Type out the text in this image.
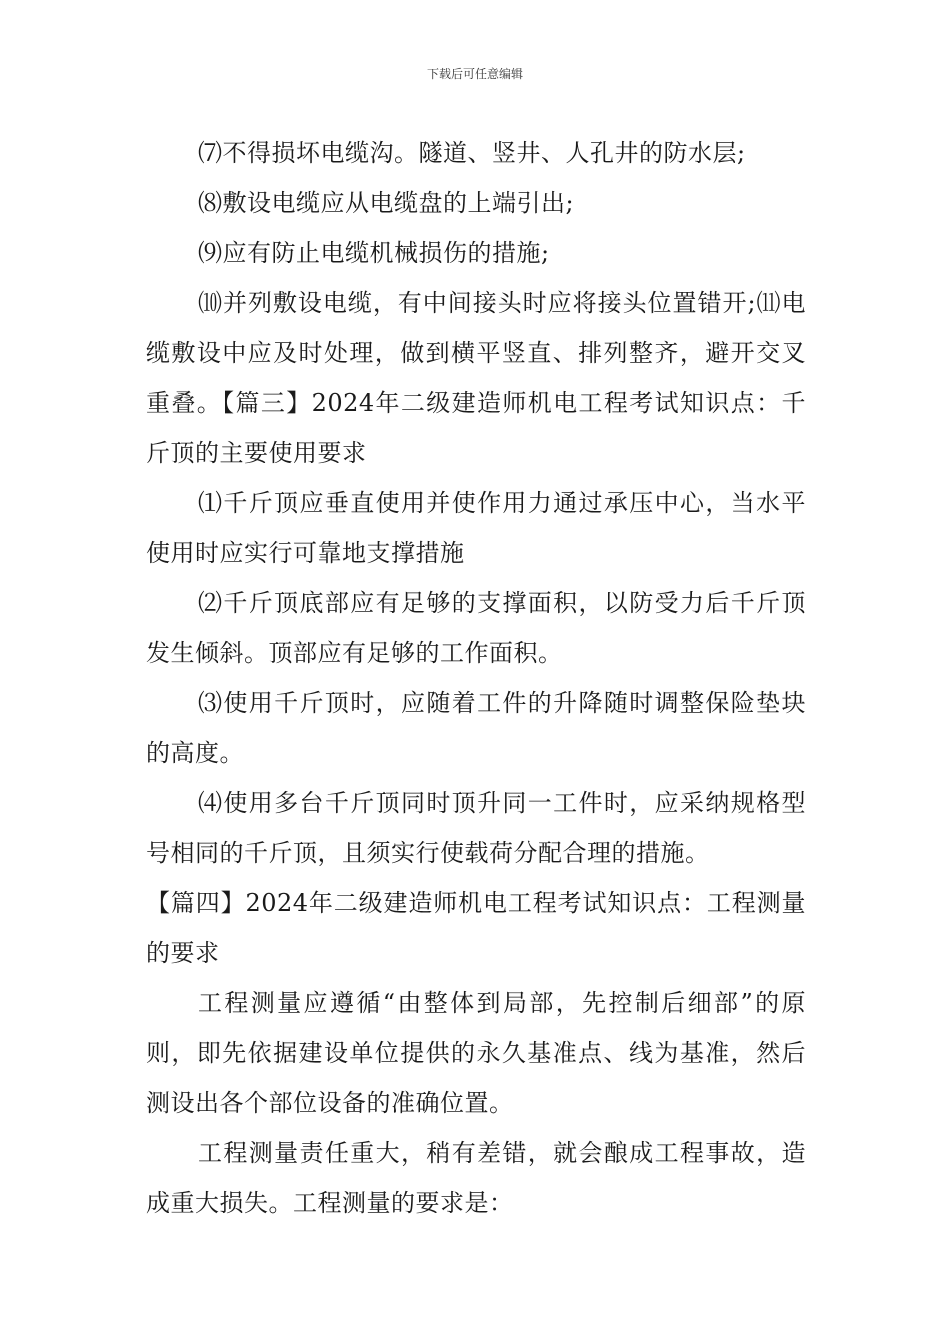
下载后可任意编辑

⑺不得损坏电缆沟。隧道、竖井、人孔井的防水层;

⑻敷设电缆应从电缆盘的上端引出;

⑼应有防止电缆机械损伤的措施;

⑽并列敷设电缆，有中间接头时应将接头位置错开;⑾电缆敷设中应及时处理，做到横平竖直、排列整齐，避开交叉重叠。【篇三】2024年二级建造师机电工程考试知识点：千斤顶的主要使用要求

⑴千斤顶应垂直使用并使作用力通过承压中心，当水平使用时应实行可靠地支撑措施

⑵千斤顶底部应有足够的支撑面积，以防受力后千斤顶发生倾斜。顶部应有足够的工作面积。

⑶使用千斤顶时，应随着工件的升降随时调整保险垫块的高度。

⑷使用多台千斤顶同时顶升同一工件时，应采纳规格型号相同的千斤顶，且须实行使载荷分配合理的措施。

【篇四】2024年二级建造师机电工程考试知识点：工程测量的要求

工程测量应遵循“由整体到局部，先控制后细部”的原则，即先依据建设单位提供的永久基准点、线为基准，然后测设出各个部位设备的准确位置。

工程测量责任重大，稍有差错，就会酿成工程事故，造成重大损失。工程测量的要求是：
